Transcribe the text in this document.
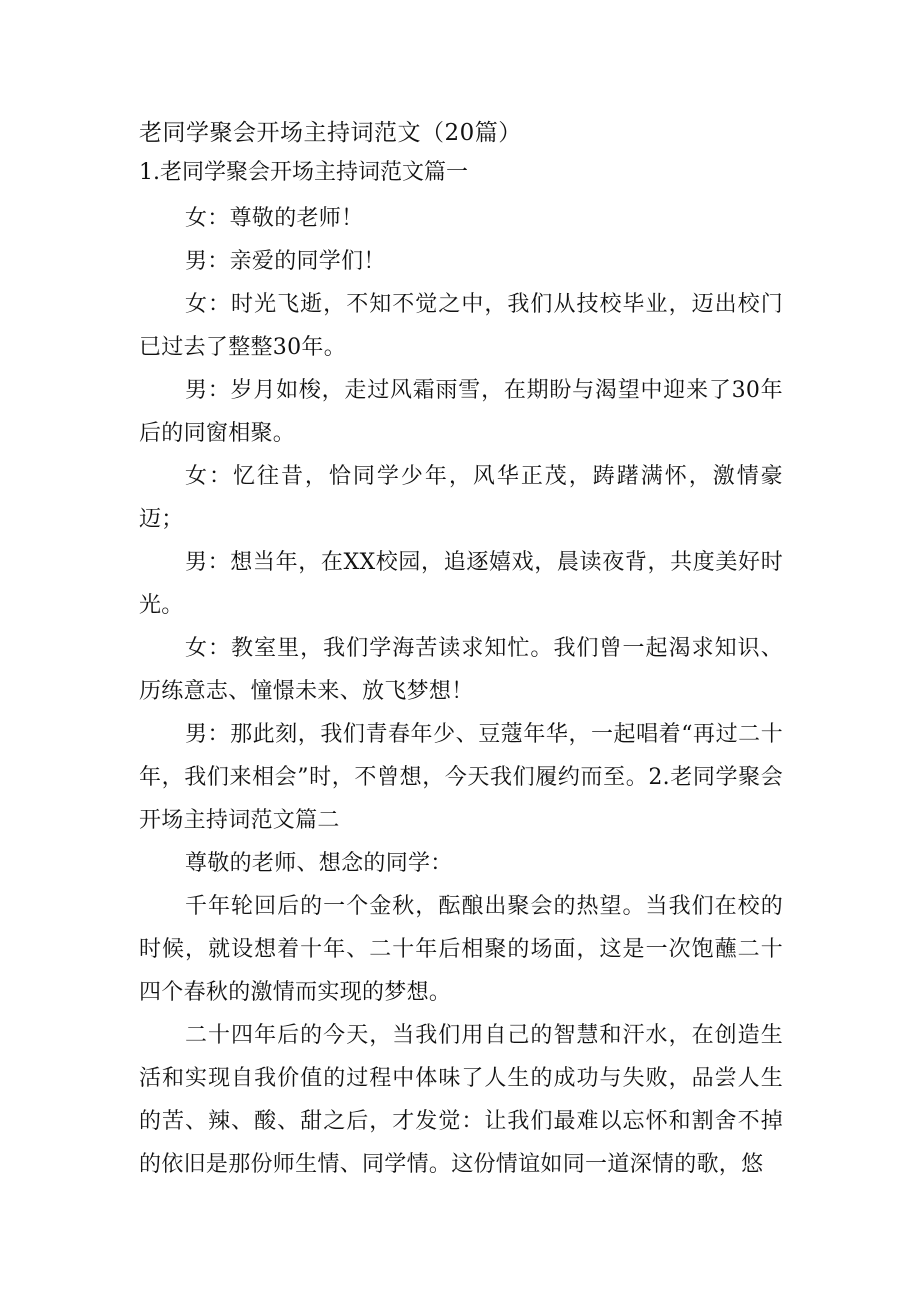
老同学聚会开场主持词范文（20篇）
1.老同学聚会开场主持词范文篇一

女：尊敬的老师！

男：亲爱的同学们！

女：时光飞逝，不知不觉之中，我们从技校毕业，迈出校门已过去了整整30年。

男：岁月如梭，走过风霜雨雪，在期盼与渴望中迎来了30年后的同窗相聚。

女：忆往昔，恰同学少年，风华正茂，踌躇满怀，激情豪迈；

男：想当年，在XX校园，追逐嬉戏，晨读夜背，共度美好时光。

女：教室里，我们学海苦读求知忙。我们曾一起渴求知识、历练意志、憧憬未来、放飞梦想！

男：那此刻，我们青春年少、豆蔻年华，一起唱着“再过二十年，我们来相会”时，不曾想，今天我们履约而至。2.老同学聚会开场主持词范文篇二

尊敬的老师、想念的同学：

千年轮回后的一个金秋，酝酿出聚会的热望。当我们在校的时候，就设想着十年、二十年后相聚的场面，这是一次饱蘸二十四个春秋的激情而实现的梦想。

二十四年后的今天，当我们用自己的智慧和汗水，在创造生活和实现自我价值的过程中体味了人生的成功与失败，品尝人生的苦、辣、酸、甜之后，才发觉：让我们最难以忘怀和割舍不掉的依旧是那份师生情、同学情。这份情谊如同一道深情的歌，悠
